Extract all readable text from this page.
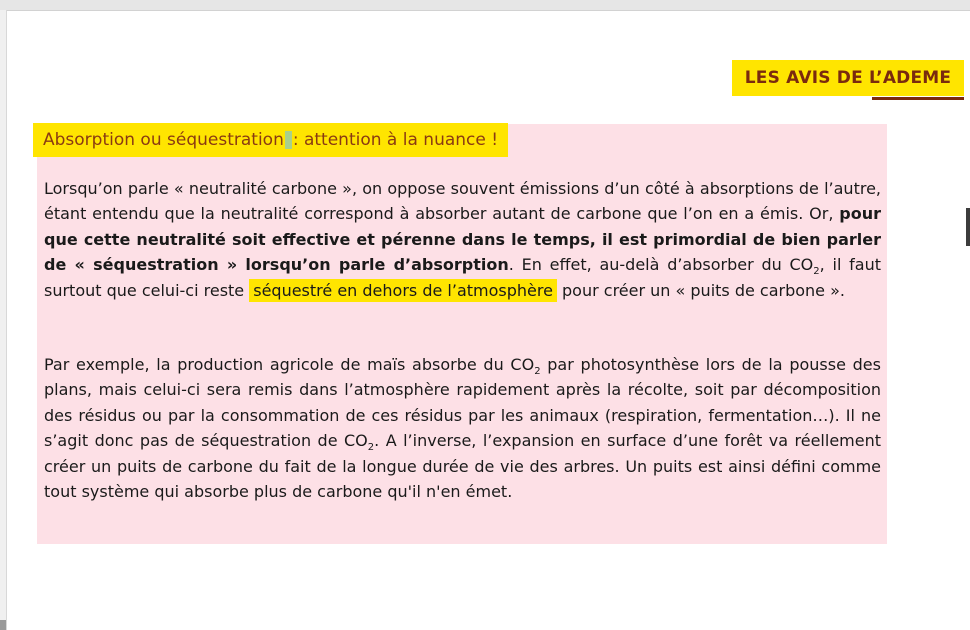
LES AVIS DE L’ADEME
Absorption ou séquestration : attention à la nuance !

Lorsqu’on parle « neutralité carbone », on oppose souvent émissions d’un côté à absorptions de l’autre, étant entendu que la neutralité correspond à absorber autant de carbone que l’on en a émis. Or, pour que cette neutralité soit effective et pérenne dans le temps, il est primordial de bien parler de « séquestration » lorsqu’on parle d’absorption. En effet, au-delà d’absorber du $CO_2$, il faut surtout que celui-ci reste séquestré en dehors de l’atmosphère pour créer un « puits de carbone ».

Par exemple, la production agricole de maïs absorbe du $CO_2$ par photosynthèse lors de la pousse des plans, mais celui-ci sera remis dans l’atmosphère rapidement après la récolte, soit par décomposition des résidus ou par la consommation de ces résidus par les animaux (respiration, fermentation…). Il ne s’agit donc pas de séquestration de $CO_2$. A l’inverse, l’expansion en surface d’une forêt va réellement créer un puits de carbone du fait de la longue durée de vie des arbres. Un puits est ainsi défini comme tout système qui absorbe plus de carbone qu'il n'en émet.
